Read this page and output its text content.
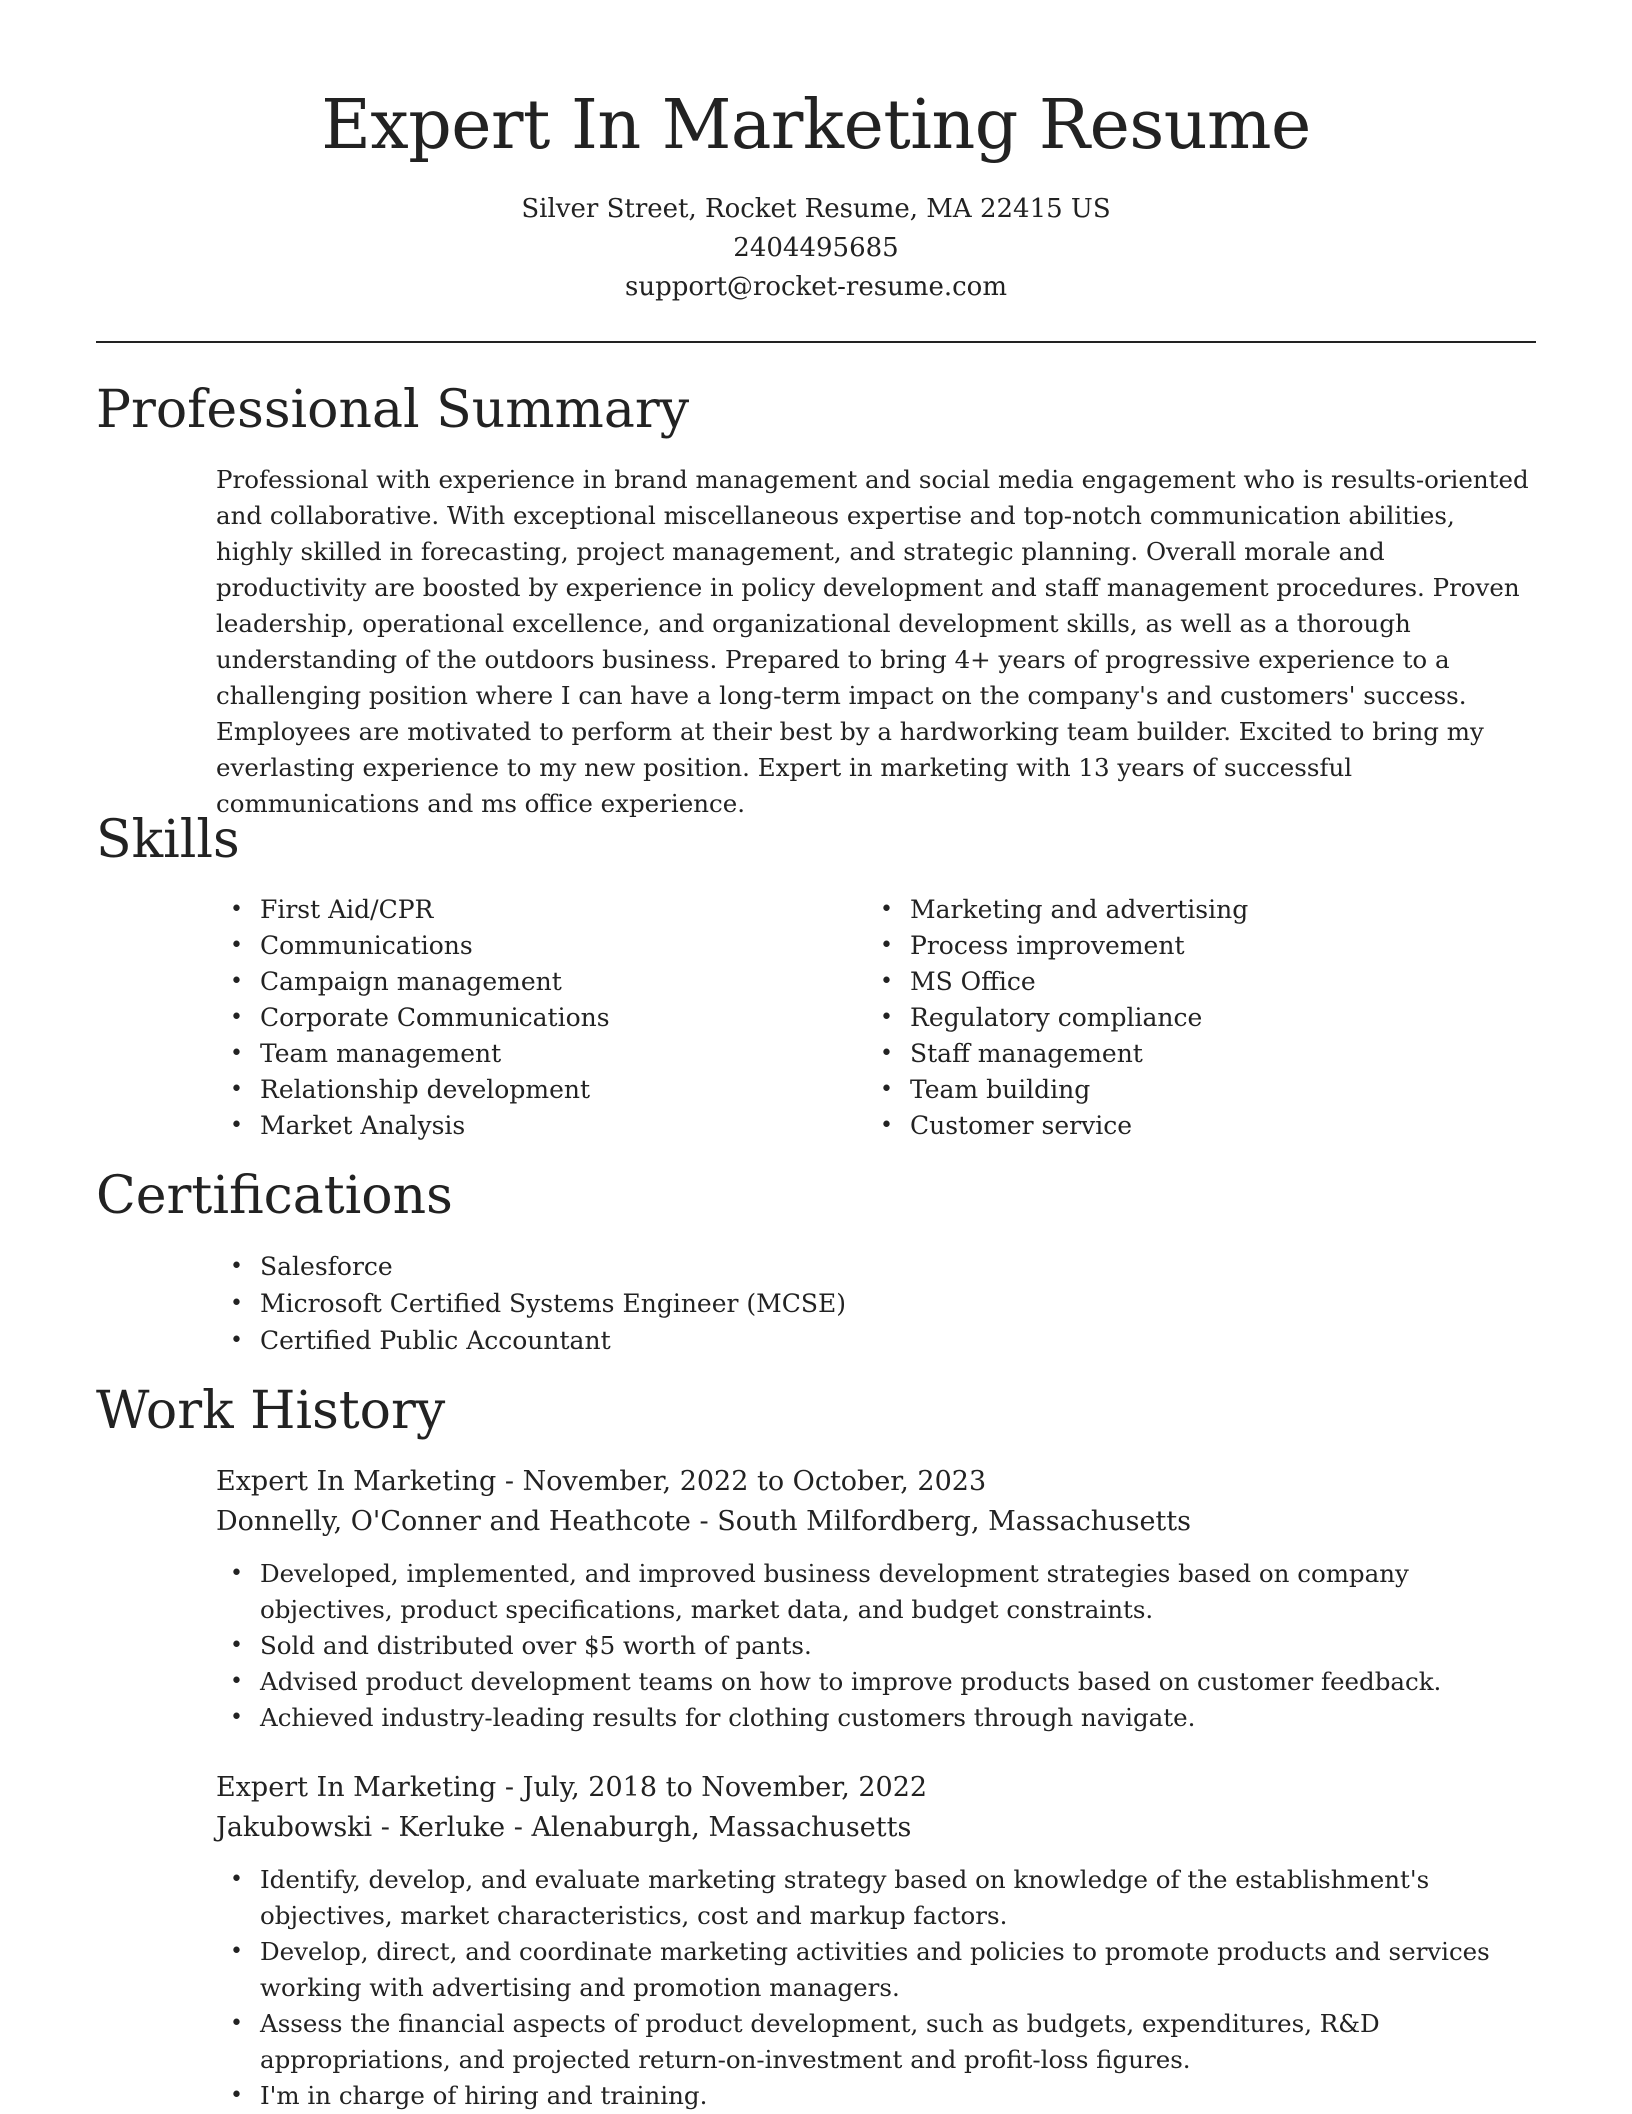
Expert In Marketing Resume
Silver Street, Rocket Resume, MA 22415 US
2404495685
support@rocket-resume.com
Professional Summary

Professional with experience in brand management and social media engagement who is results-oriented and collaborative. With exceptional miscellaneous expertise and top-notch communication abilities, highly skilled in forecasting, project management, and strategic planning. Overall morale and productivity are boosted by experience in policy development and staff management procedures. Proven leadership, operational excellence, and organizational development skills, as well as a thorough understanding of the outdoors business. Prepared to bring 4+ years of progressive experience to a challenging position where I can have a long-term impact on the company's and customers' success. Employees are motivated to perform at their best by a hardworking team builder. Excited to bring my everlasting experience to my new position. Expert in marketing with 13 years of successful communications and ms office experience.

Skills
• First Aid/CPR
• Communications
• Campaign management
• Corporate Communications
• Team management
• Relationship development
• Market Analysis
• Marketing and advertising
• Process improvement
• MS Office
• Regulatory compliance
• Staff management
• Team building
• Customer service
Certifications
• Salesforce
• Microsoft Certified Systems Engineer (MCSE)
• Certified Public Accountant
Work History
Expert In Marketing - November, 2022 to October, 2023
Donnelly, O'Conner and Heathcote - South Milfordberg, Massachusetts
• Developed, implemented, and improved business development strategies based on company objectives, product specifications, market data, and budget constraints.
• Sold and distributed over $5 worth of pants.
• Advised product development teams on how to improve products based on customer feedback.
• Achieved industry-leading results for clothing customers through navigate.
Expert In Marketing - July, 2018 to November, 2022
Jakubowski - Kerluke - Alenaburgh, Massachusetts
• Identify, develop, and evaluate marketing strategy based on knowledge of the establishment's objectives, market characteristics, cost and markup factors.
• Develop, direct, and coordinate marketing activities and policies to promote products and services working with advertising and promotion managers.
• Assess the financial aspects of product development, such as budgets, expenditures, R&D appropriations, and projected return-on-investment and profit-loss figures.
• I'm in charge of hiring and training.
